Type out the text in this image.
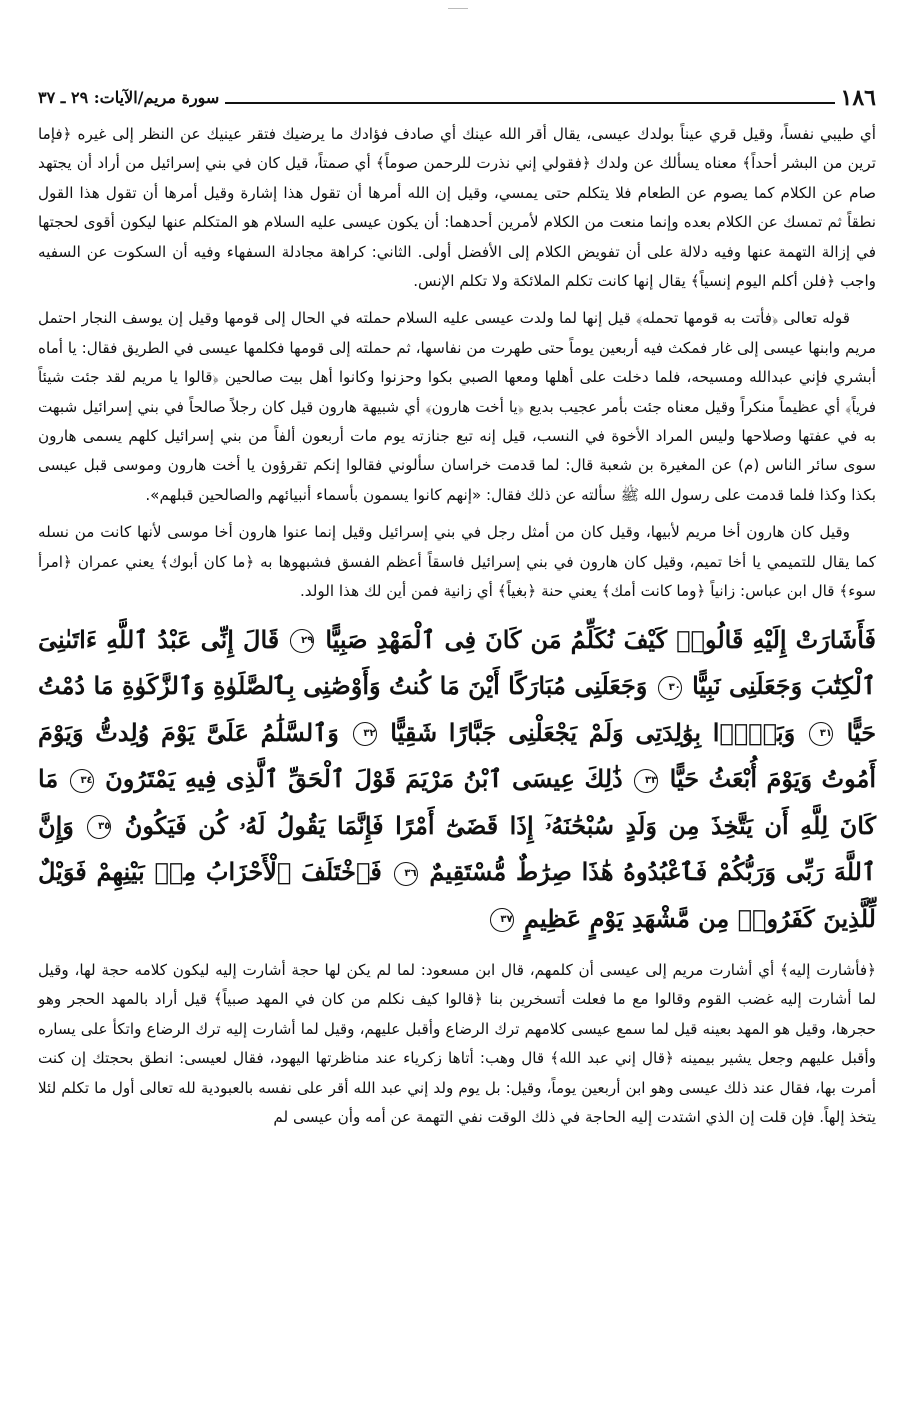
١٨٦
سورة مريم/الآيات: ٢٩ ـ ٣٧

أي طيبي نفساً، وقيل قري عيناً بولدك عيسى، يقال أقر الله عينك أي صادف فؤادك ما يرضيك فتقر عينيك عن النظر إلى غيره ﴿فإما ترين من البشر أحداً﴾ معناه يسألك عن ولدك ﴿فقولي إني نذرت للرحمن صوماً﴾ أي صمتاً، قيل كان في بني إسرائيل من أراد أن يجتهد صام عن الكلام كما يصوم عن الطعام فلا يتكلم حتى يمسي، وقيل إن الله أمرها أن تقول هذا إشارة وقيل أمرها أن تقول هذا القول نطقاً ثم تمسك عن الكلام بعده وإنما منعت من الكلام لأمرين أحدهما: أن يكون عيسى عليه السلام هو المتكلم عنها ليكون أقوى لحجتها في إزالة التهمة عنها وفيه دلالة على أن تفويض الكلام إلى الأفضل أولى. الثاني: كراهة مجادلة السفهاء وفيه أن السكوت عن السفيه واجب ﴿فلن أكلم اليوم إنسياً﴾ يقال إنها كانت تكلم الملائكة ولا تكلم الإنس.

قوله تعالى ﴿فأتت به قومها تحمله﴾ قيل إنها لما ولدت عيسى عليه السلام حملته في الحال إلى قومها وقيل إن يوسف النجار احتمل مريم وابنها عيسى إلى غار فمكث فيه أربعين يوماً حتى طهرت من نفاسها، ثم حملته إلى قومها فكلمها عيسى في الطريق فقال: يا أماه أبشري فإني عبدالله ومسيحه، فلما دخلت على أهلها ومعها الصبي بكوا وحزنوا وكانوا أهل بيت صالحين ﴿قالوا يا مريم لقد جئت شيئاً فرياً﴾ أي عظيماً منكراً وقيل معناه جئت بأمر عجيب بديع ﴿يا أخت هارون﴾ أي شبيهة هارون قيل كان رجلاً صالحاً في بني إسرائيل شبهت به في عفتها وصلاحها وليس المراد الأخوة في النسب، قيل إنه تبع جنازته يوم مات أربعون ألفاً من بني إسرائيل كلهم يسمى هارون سوى سائر الناس (م) عن المغيرة بن شعبة قال: لما قدمت خراسان سألوني فقالوا إنكم تقرؤون يا أخت هارون وموسى قبل عيسى بكذا وكذا فلما قدمت على رسول الله ﷺ سألته عن ذلك فقال: «إنهم كانوا يسمون بأسماء أنبيائهم والصالحين قبلهم».

وقيل كان هارون أخا مريم لأبيها، وقيل كان من أمثل رجل في بني إسرائيل وقيل إنما عنوا هارون أخا موسى لأنها كانت من نسله كما يقال للتميمي يا أخا تميم، وقيل كان هارون في بني إسرائيل فاسقاً أعظم الفسق فشبهوها به ﴿ما كان أبوك﴾ يعني عمران ﴿امرأ سوء﴾ قال ابن عباس: زانياً ﴿وما كانت أمك﴾ يعني حنة ﴿بغياً﴾ أي زانية فمن أين لك هذا الولد.

فَأَشَارَتْ إِلَيْهِ قَالُوا۟ كَيْفَ نُكَلِّمُ مَن كَانَ فِى ٱلْمَهْدِ صَبِيًّا ٢٩ قَالَ إِنِّى عَبْدُ ٱللَّهِ ءَاتَىٰنِىَ ٱلْكِتَٰبَ وَجَعَلَنِى نَبِيًّا ٣٠ وَجَعَلَنِى مُبَارَكًا أَيْنَ مَا كُنتُ وَأَوْصَٰنِى بِٱلصَّلَوٰةِ وَٱلزَّكَوٰةِ مَا دُمْتُ حَيًّا ٣١ وَبَرًّۢا بِوَٰلِدَتِى وَلَمْ يَجْعَلْنِى جَبَّارًا شَقِيًّا ٣٢ وَٱلسَّلَٰمُ عَلَىَّ يَوْمَ وُلِدتُّ وَيَوْمَ أَمُوتُ وَيَوْمَ أُبْعَثُ حَيًّا ٣٣ ذَٰلِكَ عِيسَى ٱبْنُ مَرْيَمَ قَوْلَ ٱلْحَقِّ ٱلَّذِى فِيهِ يَمْتَرُونَ ٣٤ مَا كَانَ لِلَّهِ أَن يَتَّخِذَ مِن وَلَدٍ سُبْحَٰنَهُۥٓ إِذَا قَضَىٰٓ أَمْرًا فَإِنَّمَا يَقُولُ لَهُۥ كُن فَيَكُونُ ٣٥ وَإِنَّ ٱللَّهَ رَبِّى وَرَبُّكُمْ فَٱعْبُدُوهُ هَٰذَا صِرَٰطٌ مُّسْتَقِيمٌ ٣٦ فَٱخْتَلَفَ ٱلْأَحْزَابُ مِنۢ بَيْنِهِمْ فَوَيْلٌ لِّلَّذِينَ كَفَرُوا۟ مِن مَّشْهَدِ يَوْمٍ عَظِيمٍ ٣٧

﴿فأشارت إليه﴾ أي أشارت مريم إلى عيسى أن كلمهم، قال ابن مسعود: لما لم يكن لها حجة أشارت إليه ليكون كلامه حجة لها، وقيل لما أشارت إليه غضب القوم وقالوا مع ما فعلت أتسخرين بنا ﴿قالوا كيف نكلم من كان في المهد صبياً﴾ قيل أراد بالمهد الحجر وهو حجرها، وقيل هو المهد بعينه قيل لما سمع عيسى كلامهم ترك الرضاع وأقبل عليهم، وقيل لما أشارت إليه ترك الرضاع واتكأ على يساره وأقبل عليهم وجعل يشير بيمينه ﴿قال إني عبد الله﴾ قال وهب: أتاها زكرياء عند مناظرتها اليهود، فقال لعيسى: انطق بحجتك إن كنت أمرت بها، فقال عند ذلك عيسى وهو ابن أربعين يوماً، وقيل: بل يوم ولد إني عبد الله أقر على نفسه بالعبودية لله تعالى أول ما تكلم لئلا يتخذ إلهاً. فإن قلت إن الذي اشتدت إليه الحاجة في ذلك الوقت نفي التهمة عن أمه وأن عيسى لم
